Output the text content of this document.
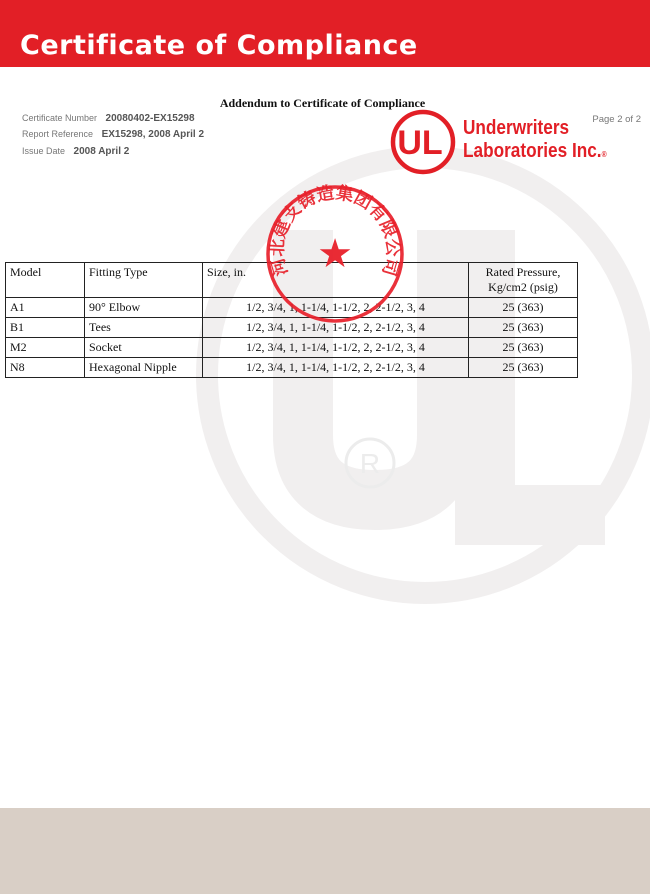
Certificate of Compliance
R
Addendum to Certificate of Compliance
Certificate Number 20080402-EX15298
Report Reference EX15298, 2008 April 2
Issue Date 2008 April 2
Page 2 of 2
UL Underwriters
Laboratories Inc.®
Model	Fitting Type	Size, in.	Rated Pressure,
Kg/cm2 (psig)
A1	90° Elbow	1/2, 3/4, 1, 1-1/4, 1-1/2, 2, 2-1/2, 3, 4	25 (363)
B1	Tees	1/2, 3/4, 1, 1-1/4, 1-1/2, 2, 2-1/2, 3, 4	25 (363)
M2	Socket	1/2, 3/4, 1, 1-1/4, 1-1/2, 2, 2-1/2, 3, 4	25 (363)
N8	Hexagonal Nipple	1/2, 3/4, 1, 1-1/4, 1-1/2, 2, 2-1/2, 3, 4	25 (363)
河北建支铸造集团有限公司
★
